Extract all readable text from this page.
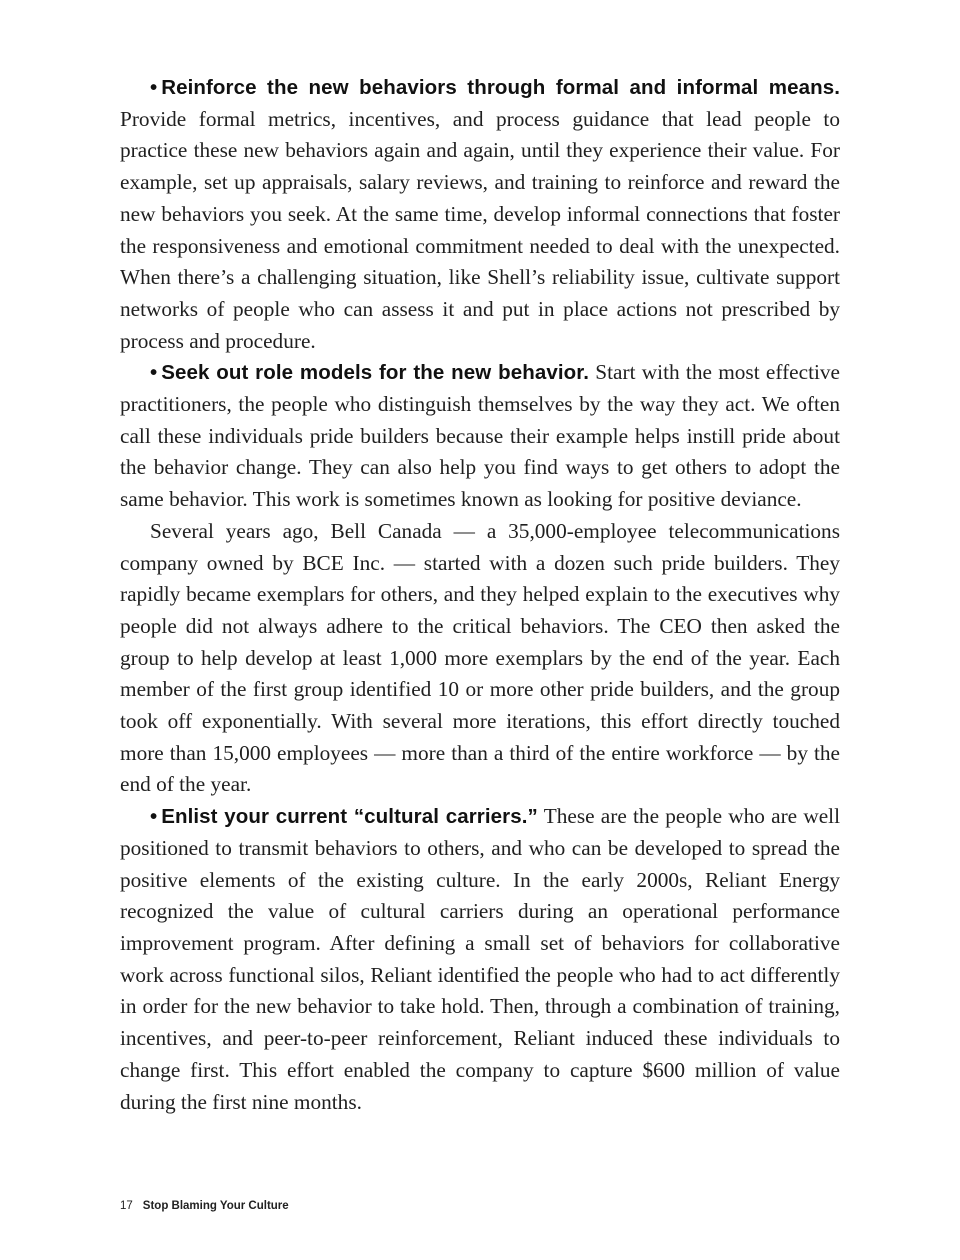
• Reinforce the new behaviors through formal and informal means. Provide formal metrics, incentives, and process guidance that lead people to practice these new behaviors again and again, until they experience their value. For example, set up appraisals, salary reviews, and training to reinforce and reward the new behaviors you seek. At the same time, develop informal connections that foster the responsiveness and emotional commitment needed to deal with the unexpected. When there’s a challenging situation, like Shell’s reliability issue, cultivate support networks of people who can assess it and put in place actions not prescribed by process and procedure.

• Seek out role models for the new behavior. Start with the most effective practitioners, the people who distinguish themselves by the way they act. We often call these individuals pride builders because their example helps instill pride about the behavior change. They can also help you find ways to get others to adopt the same behavior. This work is sometimes known as looking for positive deviance.

Several years ago, Bell Canada — a 35,000-employee telecommunications company owned by BCE Inc. — started with a dozen such pride builders. They rapidly became exemplars for others, and they helped explain to the executives why people did not always adhere to the critical behaviors. The CEO then asked the group to help develop at least 1,000 more exemplars by the end of the year. Each member of the first group identified 10 or more other pride builders, and the group took off exponentially. With several more iterations, this effort directly touched more than 15,000 employees — more than a third of the entire workforce — by the end of the year.

• Enlist your current “cultural carriers.” These are the people who are well positioned to transmit behaviors to others, and who can be developed to spread the positive elements of the existing culture. In the early 2000s, Reliant Energy recognized the value of cultural carriers during an operational performance improvement program. After defining a small set of behaviors for collaborative work across functional silos, Reliant identified the people who had to act differently in order for the new behavior to take hold. Then, through a combination of training, incentives, and peer-to-peer reinforcement, Reliant induced these individuals to change first. This effort enabled the company to capture $600 million of value during the first nine months.

17 Stop Blaming Your Culture
